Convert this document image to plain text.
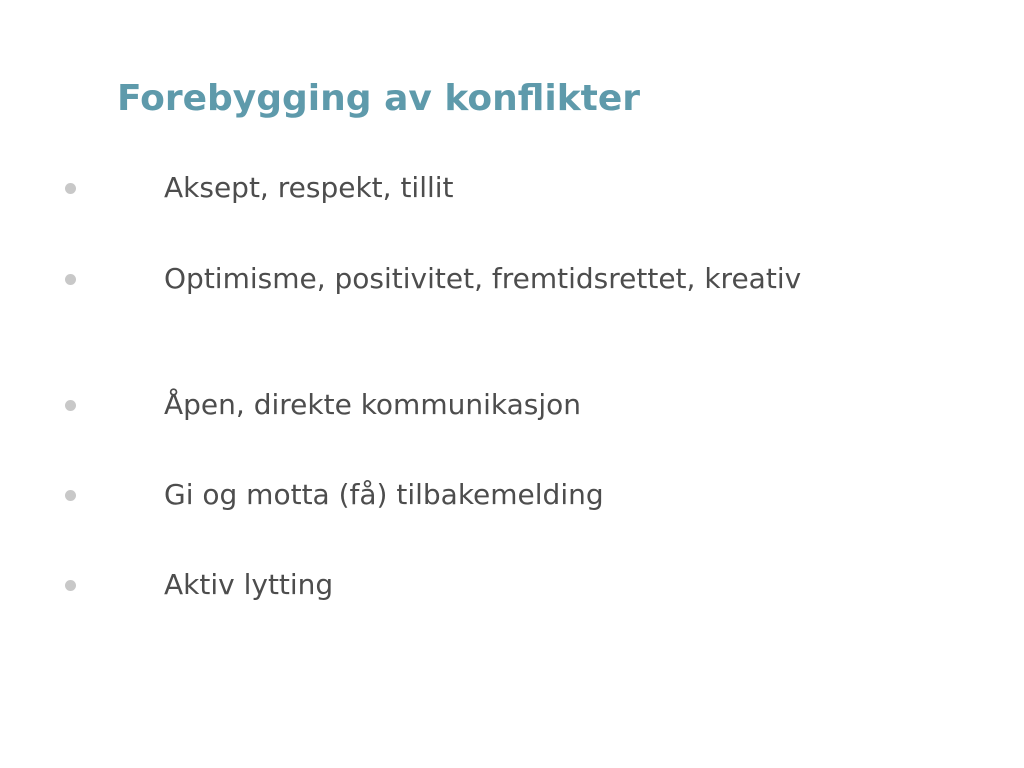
Forebygging av konflikter
Aksept, respekt, tillit
Optimisme, positivitet, fremtidsrettet, kreativ
Åpen, direkte kommunikasjon
Gi og motta (få) tilbakemelding
Aktiv lytting
